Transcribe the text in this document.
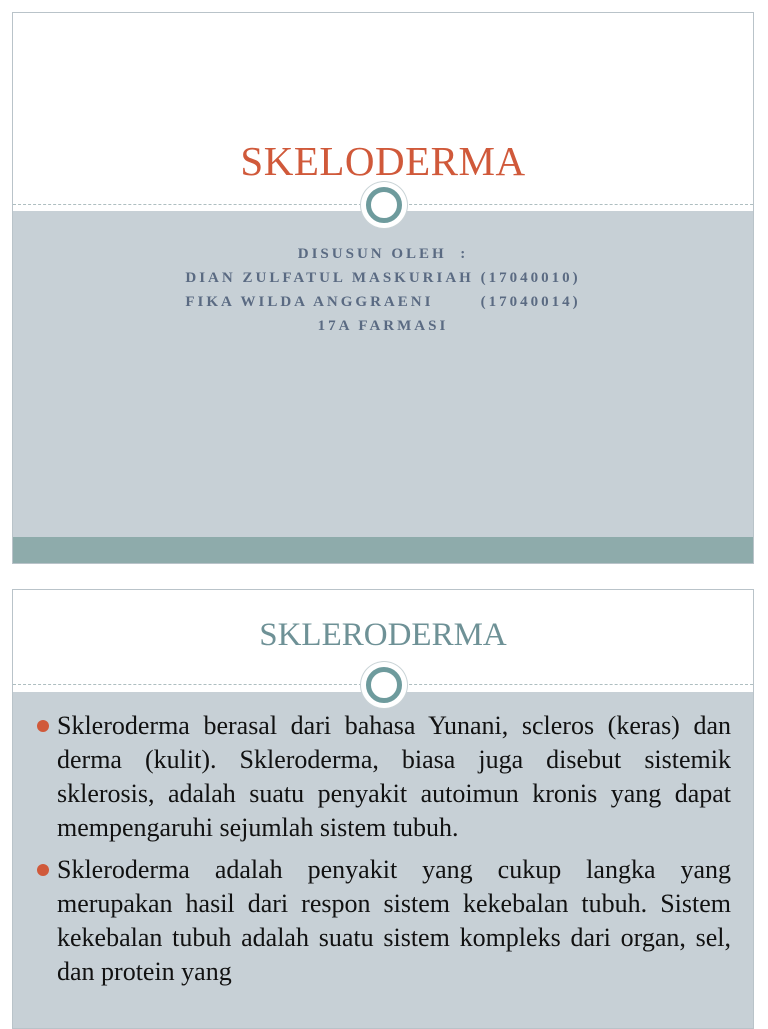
SKELODERMA
DISUSUN OLEH  :
DIAN ZULFATUL MASKURIAH (17040010)
FIKA WILDA ANGGRAENI       (17040014)
17A FARMASI
SKLERODERMA
Skleroderma berasal dari bahasa Yunani, scleros (keras) dan derma (kulit). Skleroderma, biasa juga disebut sistemik sklerosis, adalah suatu penyakit autoimun kronis yang dapat mempengaruhi sejumlah sistem tubuh.
Skleroderma adalah penyakit yang cukup langka yang merupakan hasil dari respon sistem kekebalan tubuh. Sistem kekebalan tubuh adalah suatu sistem kompleks dari organ, sel, dan protein yang
